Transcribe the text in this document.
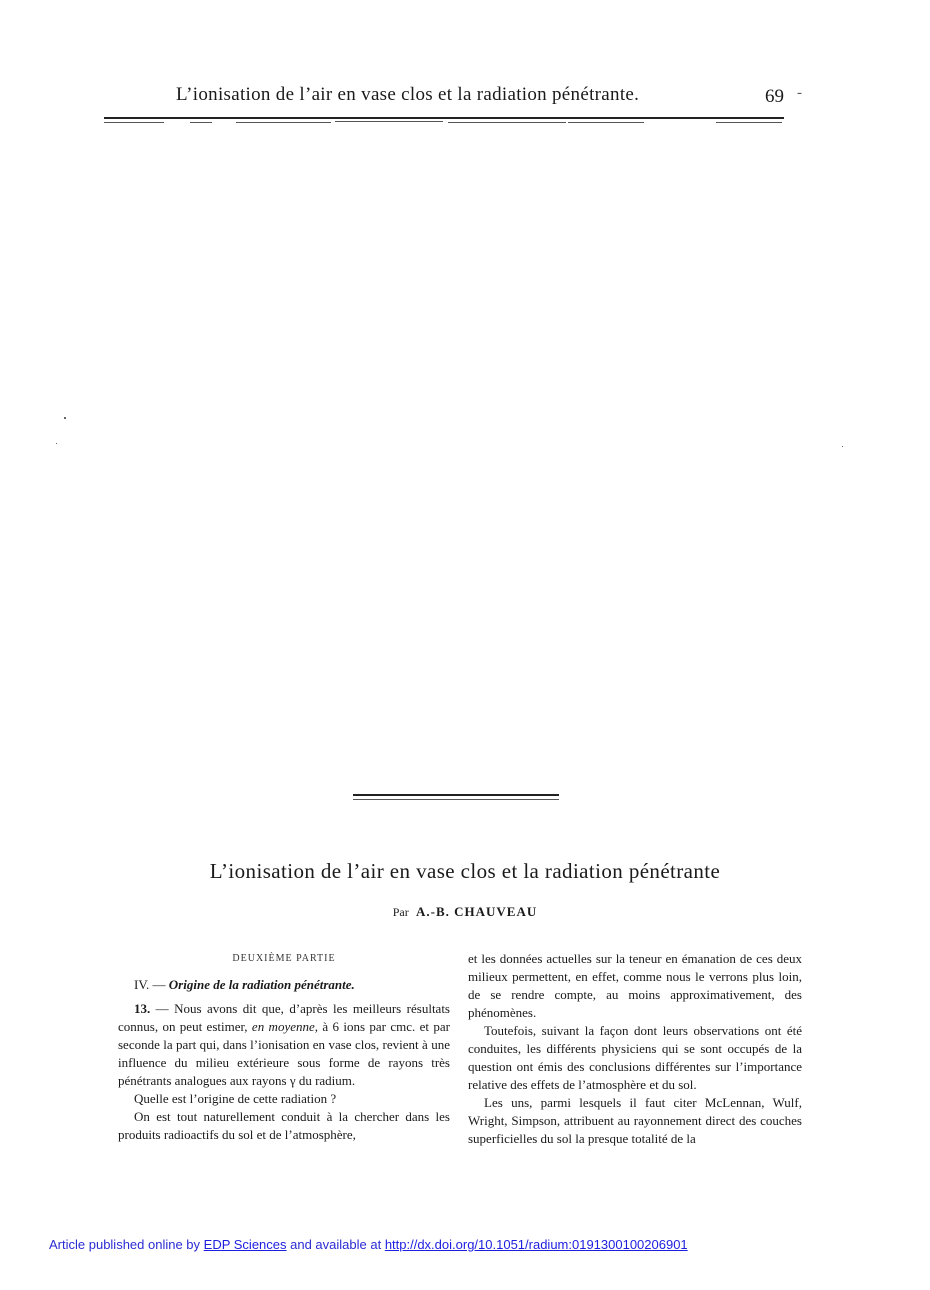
L’ionisation de l’air en vase clos et la radiation pénétrante.	69 -
L’ionisation de l’air en vase clos et la radiation pénétrante
Par A.-B. CHAUVEAU

DEUXIÈME PARTIE

IV. — Origine de la radiation pénétrante.

13. — Nous avons dit que, d’après les meilleurs résultats connus, on peut estimer, en moyenne, à 6 ions par cmc. et par seconde la part qui, dans l’ionisation en vase clos, revient à une influence du milieu extérieure sous forme de rayons très pénétrants analogues aux rayons γ du radium.

Quelle est l’origine de cette radiation ?

On est tout naturellement conduit à la chercher dans les produits radioactifs du sol et de l’atmosphère,

et les données actuelles sur la teneur en émanation de ces deux milieux permettent, en effet, comme nous le verrons plus loin, de se rendre compte, au moins approximativement, des phénomènes.

Toutefois, suivant la façon dont leurs observations ont été conduites, les différents physiciens qui se sont occupés de la question ont émis des conclusions différentes sur l’importance relative des effets de l’atmosphère et du sol.

Les uns, parmi lesquels il faut citer McLennan, Wulf, Wright, Simpson, attribuent au rayonnement direct des couches superficielles du sol la presque totalité de la

Article published online by EDP Sciences and available at http://dx.doi.org/10.1051/radium:0191300100206901
